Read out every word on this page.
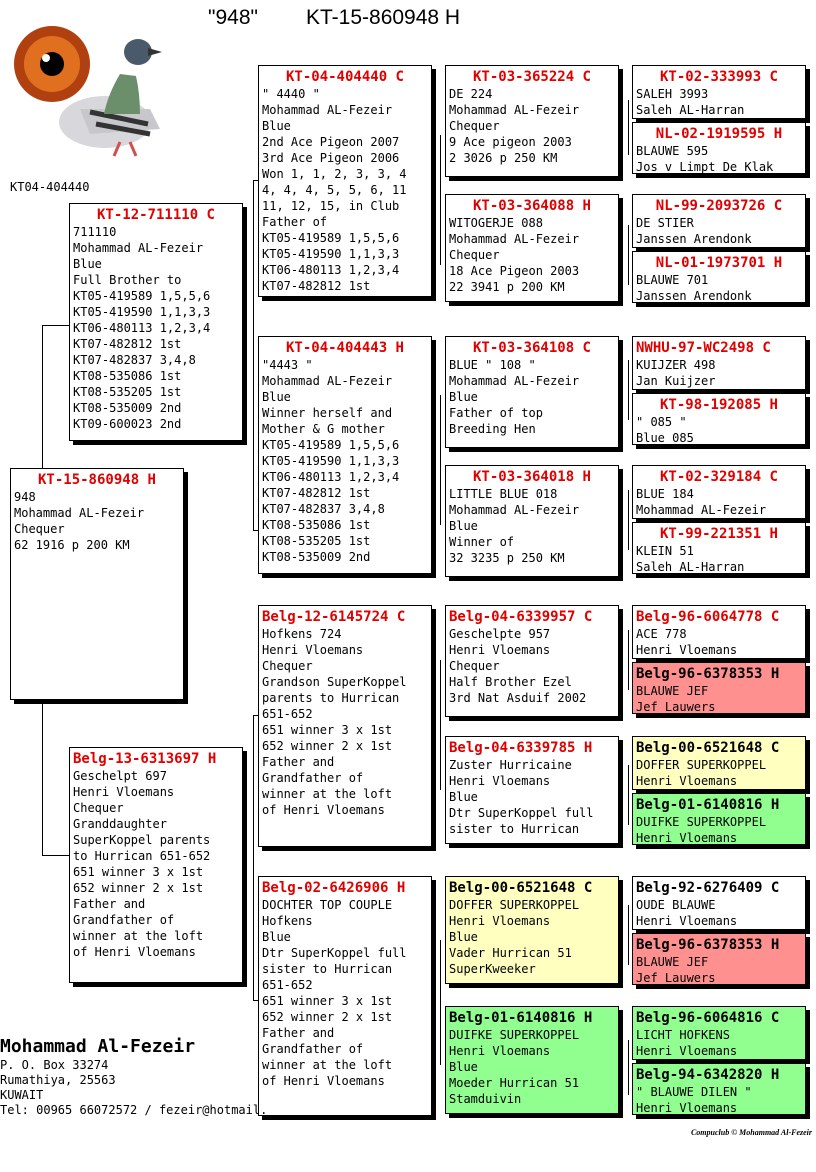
"948" KT-15-860948 H
KT04-404440
KT-15-860948 H
948
Mohammad AL-Fezeir
Chequer
62 1916 p 200 KM
KT-12-711110 C
711110
Mohammad AL-Fezeir
Blue
Full Brother to
KT05-419589 1,5,5,6
KT05-419590 1,1,3,3
KT06-480113 1,2,3,4
KT07-482812 1st
KT07-482837 3,4,8
KT08-535086 1st
KT08-535205 1st
KT08-535009 2nd
KT09-600023 2nd
Belg-13-6313697 H
Geschelpt 697
Henri Vloemans
Chequer
Granddaughter
SuperKoppel parents
to Hurrican 651-652
651 winner 3 x 1st
652 winner 2 x 1st
Father and
Grandfather of
winner at the loft
of Henri Vloemans
KT-04-404440 C
" 4440 "
Mohammad AL-Fezeir
Blue
2nd Ace Pigeon 2007
3rd Ace Pigeon 2006
Won 1, 1, 2, 3, 3, 4
4, 4, 4, 5, 5, 6, 11
11, 12, 15, in Club
Father of
KT05-419589 1,5,5,6
KT05-419590 1,1,3,3
KT06-480113 1,2,3,4
KT07-482812 1st
KT-04-404443 H
"4443 "
Mohammad AL-Fezeir
Blue
Winner herself and
Mother & G mother
KT05-419589 1,5,5,6
KT05-419590 1,1,3,3
KT06-480113 1,2,3,4
KT07-482812 1st
KT07-482837 3,4,8
KT08-535086 1st
KT08-535205 1st
KT08-535009 2nd
Belg-12-6145724 C
Hofkens 724
Henri Vloemans
Chequer
Grandson SuperKoppel
parents to Hurrican
651-652
651 winner 3 x 1st
652 winner 2 x 1st
Father and
Grandfather of
winner at the loft
of Henri Vloemans
Belg-02-6426906 H
DOCHTER TOP COUPLE
Hofkens
Blue
Dtr SuperKoppel full
sister to Hurrican
651-652
651 winner 3 x 1st
652 winner 2 x 1st
Father and
Grandfather of
winner at the loft
of Henri Vloemans
KT-03-365224 C
DE 224
Mohammad AL-Fezeir
Chequer
9 Ace pigeon 2003
2 3026 p 250 KM
KT-03-364088 H
WITOGERJE 088
Mohammad AL-Fezeir
Chequer
18 Ace Pigeon 2003
22 3941 p 200 KM
KT-03-364108 C
BLUE " 108 "
Mohammad AL-Fezeir
Blue
Father of top
Breeding Hen
KT-03-364018 H
LITTLE BLUE 018
Mohammad AL-Fezeir
Blue
Winner of
32 3235 p 250 KM
Belg-04-6339957 C
Geschelpte 957
Henri Vloemans
Chequer
Half Brother Ezel
3rd Nat Asduif 2002
Belg-04-6339785 H
Zuster Hurricaine
Henri Vloemans
Blue
Dtr SuperKoppel full
sister to Hurrican
Belg-00-6521648 C
DOFFER SUPERKOPPEL
Henri Vloemans
Blue
Vader Hurrican 51
SuperKweeker
Belg-01-6140816 H
DUIFKE SUPERKOPPEL
Henri Vloemans
Blue
Moeder Hurrican 51
Stamduivin
KT-02-333993 C
SALEH 3993
Saleh AL-Harran
NL-02-1919595 H
BLAUWE 595
Jos v Limpt De Klak
NL-99-2093726 C
DE STIER
Janssen Arendonk
NL-01-1973701 H
BLAUWE 701
Janssen Arendonk
NWHU-97-WC2498 C
KUIJZER 498
Jan Kuijzer
KT-98-192085 H
" 085 "
Blue 085
KT-02-329184 C
BLUE 184
Mohammad AL-Fezeir
KT-99-221351 H
KLEIN 51
Saleh AL-Harran
Belg-96-6064778 C
ACE 778
Henri Vloemans
Belg-96-6378353 H
BLAUWE JEF
Jef Lauwers
Belg-00-6521648 C
DOFFER SUPERKOPPEL
Henri Vloemans
Belg-01-6140816 H
DUIFKE SUPERKOPPEL
Henri Vloemans
Belg-92-6276409 C
OUDE BLAUWE
Henri Vloemans
Belg-96-6378353 H
BLAUWE JEF
Jef Lauwers
Belg-96-6064816 C
LICHT HOFKENS
Henri Vloemans
Belg-94-6342820 H
" BLAUWE DILEN "
Henri Vloemans
Mohammad Al-Fezeir
P. O. Box 33274
Rumathiya, 25563
KUWAIT
Tel: 00965 66072572 / fezeir@hotmail.
Compuclub © Mohammad Al-Fezeir
